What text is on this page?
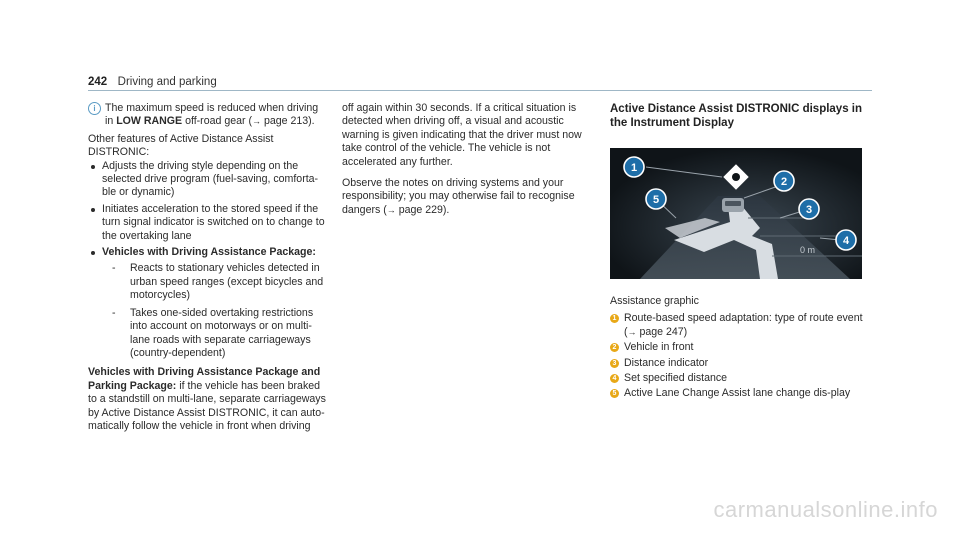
242 Driving and parking
i The maximum speed is reduced when driving in LOW RANGE off-road gear (→ page 213).
Other features of Active Distance Assist DISTRONIC:
Adjusts the driving style depending on the selected drive program (fuel-saving, comforta-ble or dynamic)
Initiates acceleration to the stored speed if the turn signal indicator is switched on to change to the overtaking lane
Vehicles with Driving Assistance Package:
- Reacts to stationary vehicles detected in urban speed ranges (except bicycles and motorcycles)
- Takes one-sided overtaking restrictions into account on motorways or on multi-lane roads with separate carriageways (country-dependent)
Vehicles with Driving Assistance Package and Parking Package: if the vehicle has been braked to a standstill on multi-lane, separate carriageways by Active Distance Assist DISTRONIC, it can auto-matically follow the vehicle in front when driving

off again within 30 seconds. If a critical situation is detected when driving off, a visual and acoustic warning is given indicating that the driver must now take control of the vehicle. The vehicle is not accelerated any further.

Observe the notes on driving systems and your responsibility; you may otherwise fail to recognise dangers (→ page 229).

Active Distance Assist DISTRONIC displays in the Instrument Display
0 m
1
2
3
4
5
Assistance graphic
1 Route-based speed adaptation: type of route event (→ page 247)
2 Vehicle in front
3 Distance indicator
4 Set specified distance
5 Active Lane Change Assist lane change dis-play
carmanualsonline.info
